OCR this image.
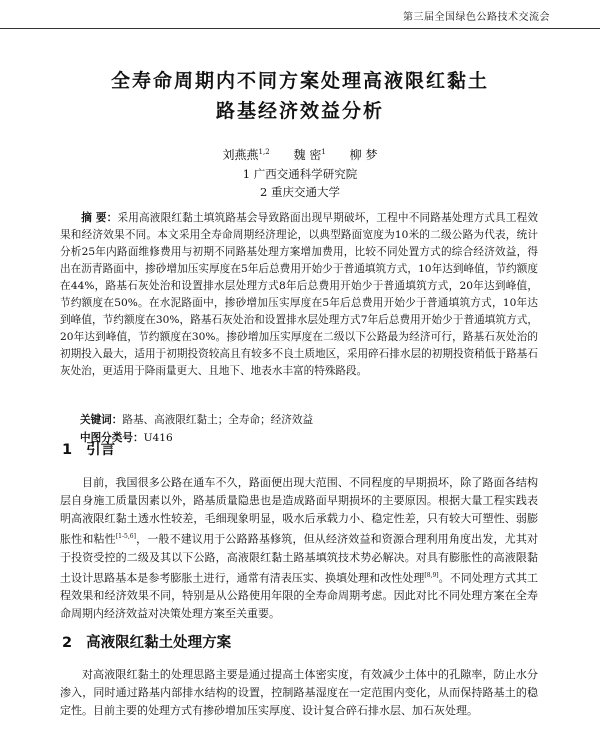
第三届全国绿色公路技术交流会
全寿命周期内不同方案处理高液限红黏土
路基经济效益分析
刘燕燕$^{1,2}$ 魏 密$^1$ 柳 梦
1 广西交通科学研究院
2 重庆交通大学
摘 要：采用高液限红黏土填筑路基会导致路面出现早期破坏，工程中不同路基处理方式具工程效果和经济效果不同。本文采用全寿命周期经济理论，以典型路面宽度为10米的二级公路为代表，统计分析25年内路面维修费用与初期不同路基处理方案增加费用，比较不同处置方式的综合经济效益，得出在沥青路面中，掺砂增加压实厚度在5年后总费用开始少于普通填筑方式，10年达到峰值，节约额度在44%，路基石灰处治和设置排水层处理方式8年后总费用开始少于普通填筑方式，20年达到峰值，节约额度在50%。在水泥路面中，掺砂增加压实厚度在5年后总费用开始少于普通填筑方式，10年达到峰值，节约额度在30%，路基石灰处治和设置排水层处理方式7年后总费用开始少于普通填筑方式，20年达到峰值，节约额度在30%。掺砂增加压实厚度在二级以下公路最为经济可行，路基石灰处治的初期投入最大，适用于初期投资较高且有较多不良土质地区，采用碎石排水层的初期投资稍低于路基石灰处治，更适用于降雨量更大、且地下、地表水丰富的特殊路段。
关键词：路基、高液限红黏土；全寿命；经济效益
中图分类号：U416
1 引言
目前，我国很多公路在通车不久，路面便出现大范围、不同程度的早期损坏，除了路面各结构层自身施工质量因素以外，路基质量隐患也是造成路面早期损坏的主要原因。根据大量工程实践表明高液限红黏土透水性较差，毛细现象明显，吸水后承载力小、稳定性差，只有较大可塑性、弱膨胀性和粘性[1-5,6]，一般不建议用于公路路基修筑，但从经济效益和资源合理利用角度出发，尤其对于投资受控的二级及其以下公路，高液限红黏土路基填筑技术势必解决。对具有膨胀性的高液限黏土设计思路基本是参考膨胀土进行，通常有清表压实、换填处理和改性处理[8,9]。不同处理方式其工程效果和经济效果不同，特别是从公路使用年限的全寿命周期考虑。因此对比不同处理方案在全寿命周期内经济效益对决策处理方案至关重要。
2 高液限红黏土处理方案
对高液限红黏土的处理思路主要是通过提高土体密实度，有效减少土体中的孔隙率，防止水分渗入，同时通过路基内部排水结构的设置，控制路基湿度在一定范围内变化，从而保持路基土的稳定性。目前主要的处理方式有掺砂增加压实厚度、设计复合碎石排水层、加石灰处理。
